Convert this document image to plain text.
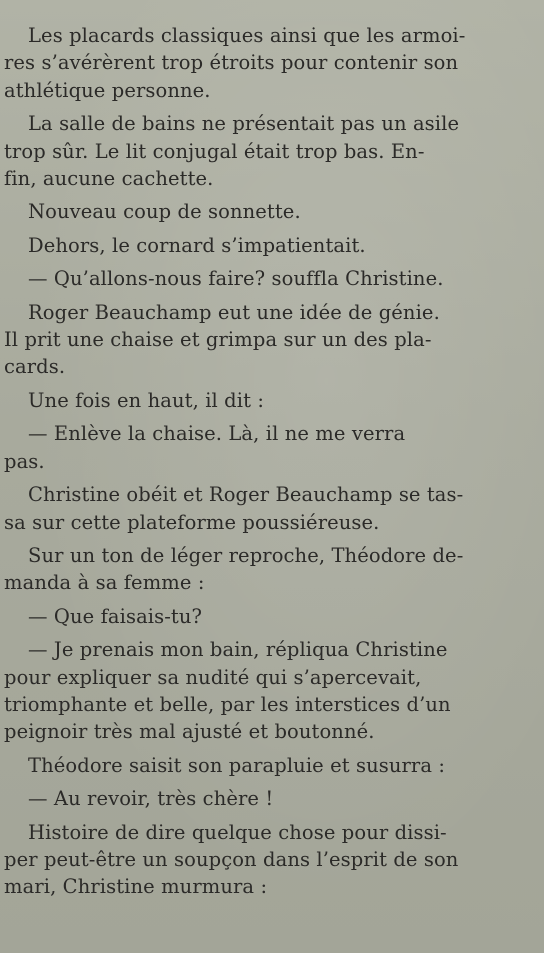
Les placards classiques ainsi que les armoi-
res s’avérèrent trop étroits pour contenir son
athlétique personne.
La salle de bains ne présentait pas un asile
trop sûr. Le lit conjugal était trop bas. En-
fin, aucune cachette.
Nouveau coup de sonnette.
Dehors, le cornard s’impatientait.
— Qu’allons-nous faire? souffla Christine.
Roger Beauchamp eut une idée de génie.
Il prit une chaise et grimpa sur un des pla-
cards.
Une fois en haut, il dit :
— Enlève la chaise. Là, il ne me verra
pas.
Christine obéit et Roger Beauchamp se tas-
sa sur cette plateforme poussiéreuse.
Sur un ton de léger reproche, Théodore de-
manda à sa femme :
— Que faisais-tu?
— Je prenais mon bain, répliqua Christine
pour expliquer sa nudité qui s’apercevait,
triomphante et belle, par les interstices d’un
peignoir très mal ajusté et boutonné.
Théodore saisit son parapluie et susurra :
— Au revoir, très chère !
Histoire de dire quelque chose pour dissi-
per peut-être un soupçon dans l’esprit de son
mari, Christine murmura :
